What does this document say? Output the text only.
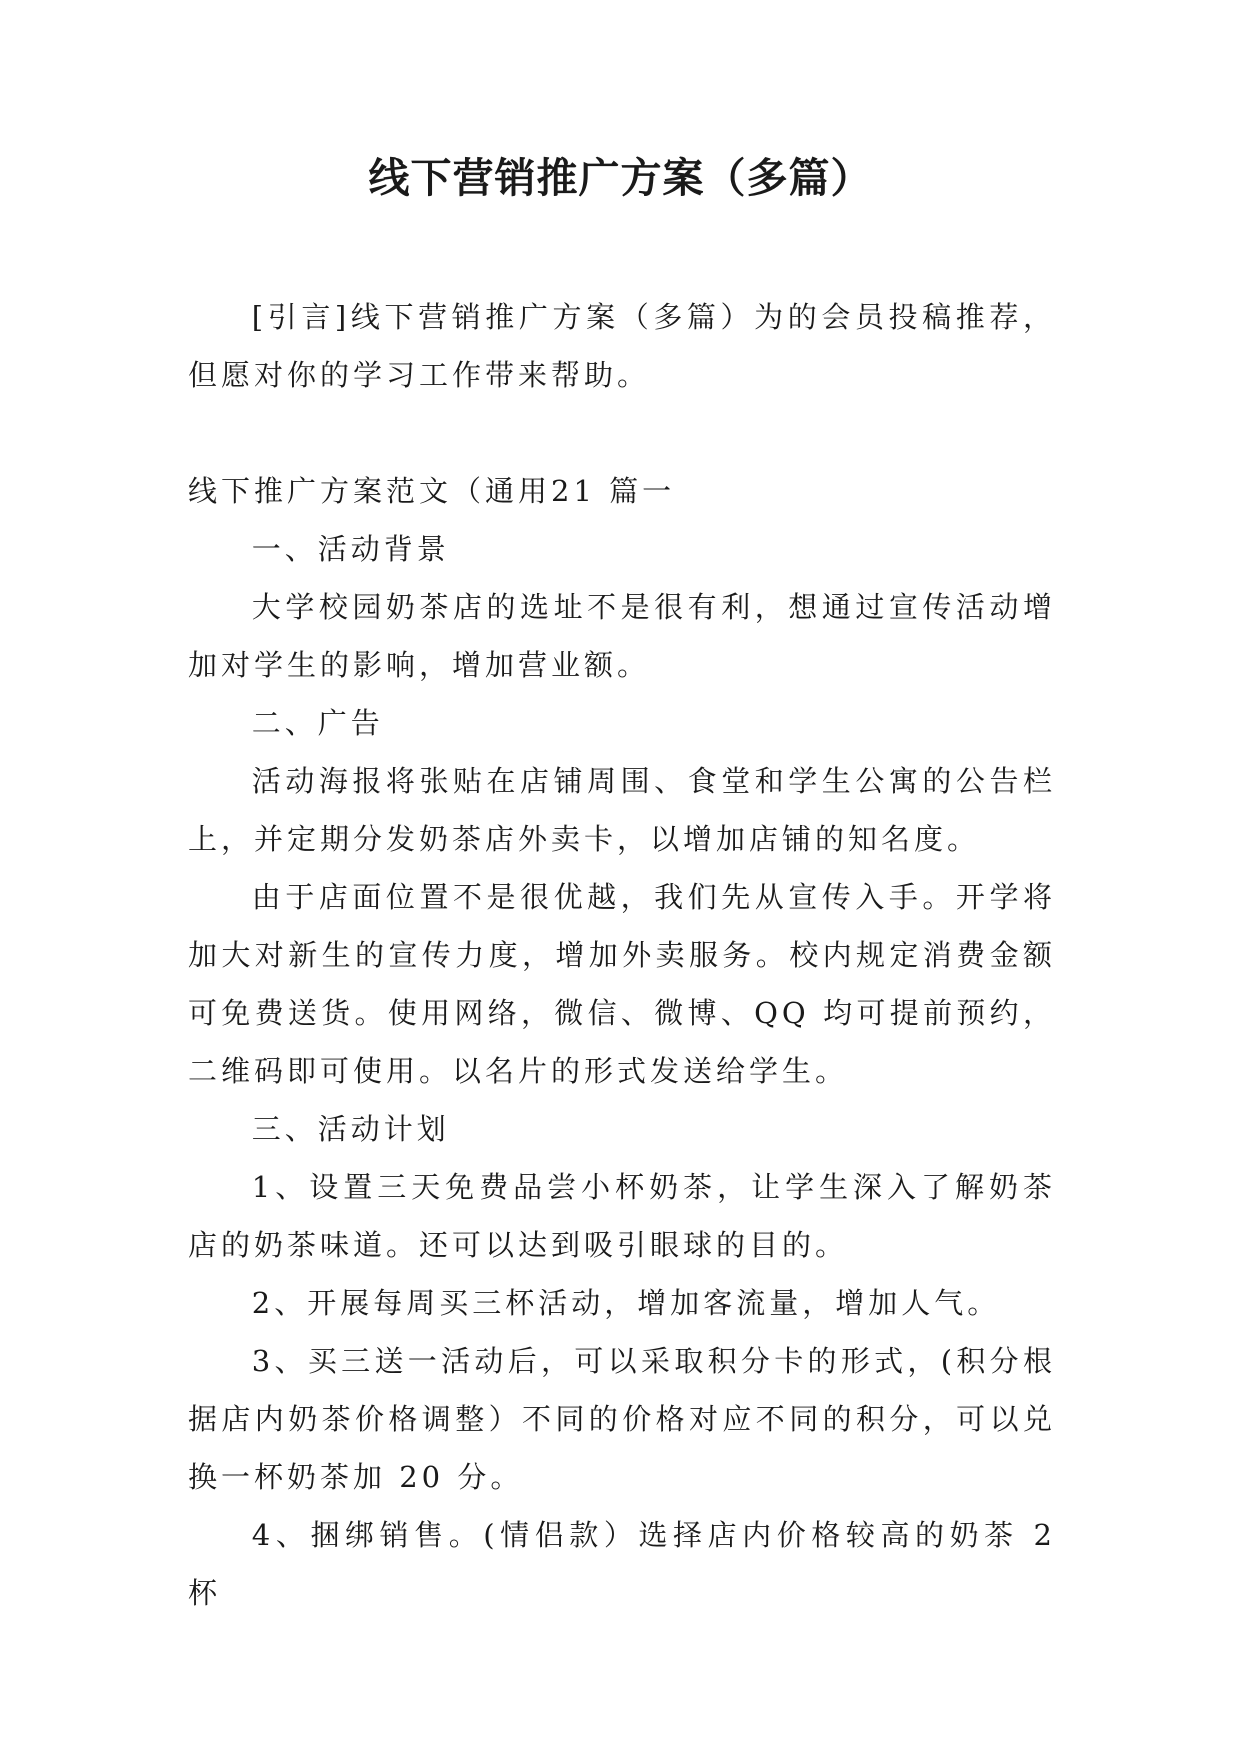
线下营销推广方案（多篇）

[引言]线下营销推广方案（多篇）为的会员投稿推荐，但愿对你的学习工作带来帮助。

线下推广方案范文（通用21 篇一

一、活动背景

大学校园奶茶店的选址不是很有利，想通过宣传活动增加对学生的影响，增加营业额。

二、广告

活动海报将张贴在店铺周围、食堂和学生公寓的公告栏上，并定期分发奶茶店外卖卡，以增加店铺的知名度。

由于店面位置不是很优越，我们先从宣传入手。开学将加大对新生的宣传力度，增加外卖服务。校内规定消费金额可免费送货。使用网络，微信、微博、QQ 均可提前预约，二维码即可使用。以名片的形式发送给学生。

三、活动计划

1、设置三天免费品尝小杯奶茶，让学生深入了解奶茶店的奶茶味道。还可以达到吸引眼球的目的。

2、开展每周买三杯活动，增加客流量，增加人气。

3、买三送一活动后，可以采取积分卡的形式，(积分根据店内奶茶价格调整）不同的价格对应不同的积分，可以兑换一杯奶茶加 20 分。

4、捆绑销售。(情侣款）选择店内价格较高的奶茶 2 杯
